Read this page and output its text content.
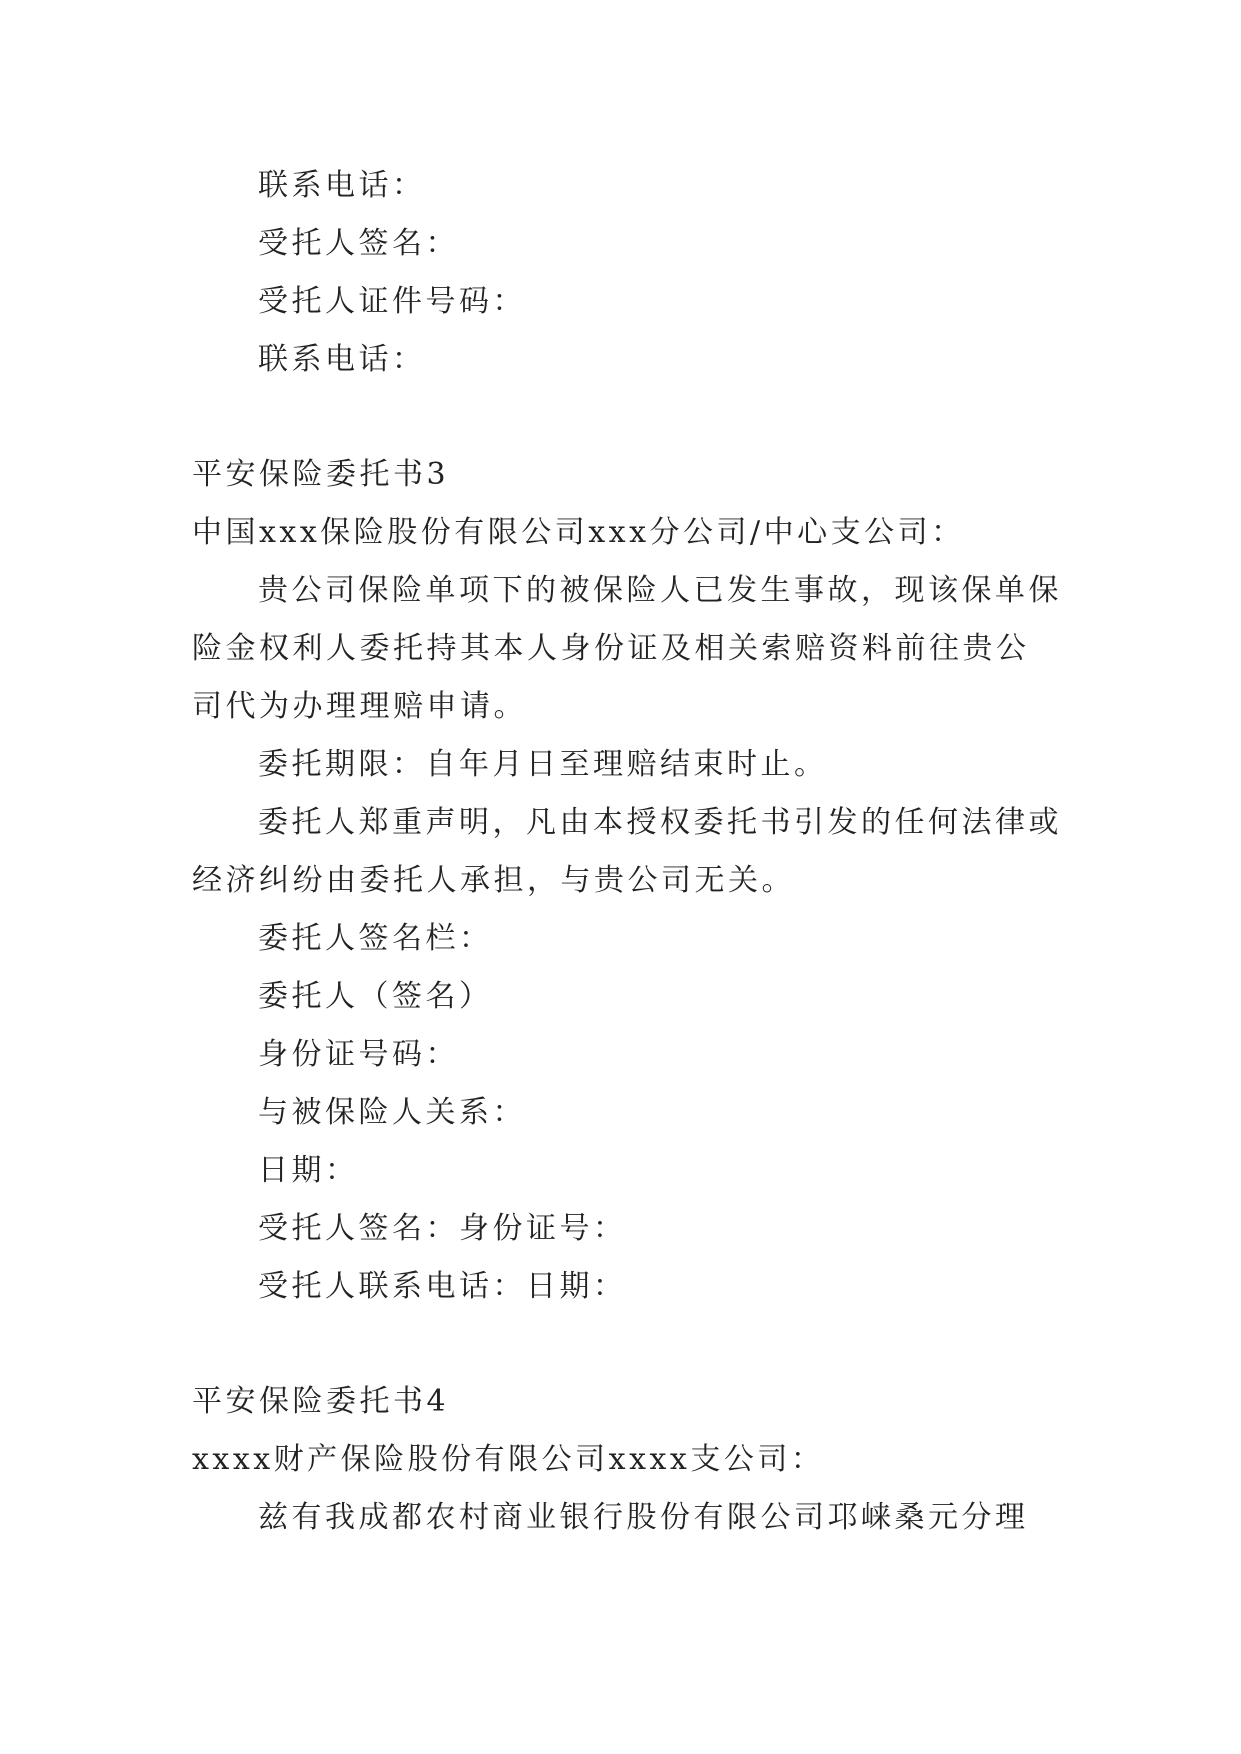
联系电话：
受托人签名：
受托人证件号码：
联系电话：
平安保险委托书3
中国xxx保险股份有限公司xxx分公司/中心支公司：
贵公司保险单项下的被保险人已发生事故，现该保单保
险金权利人委托持其本人身份证及相关索赔资料前往贵公
司代为办理理赔申请。
委托期限：自年月日至理赔结束时止。
委托人郑重声明，凡由本授权委托书引发的任何法律或
经济纠纷由委托人承担，与贵公司无关。
委托人签名栏：
委托人（签名）
身份证号码：
与被保险人关系：
日期：
受托人签名：身份证号：
受托人联系电话：日期：
平安保险委托书4
xxxx财产保险股份有限公司xxxx支公司：
兹有我成都农村商业银行股份有限公司邛崃桑元分理
